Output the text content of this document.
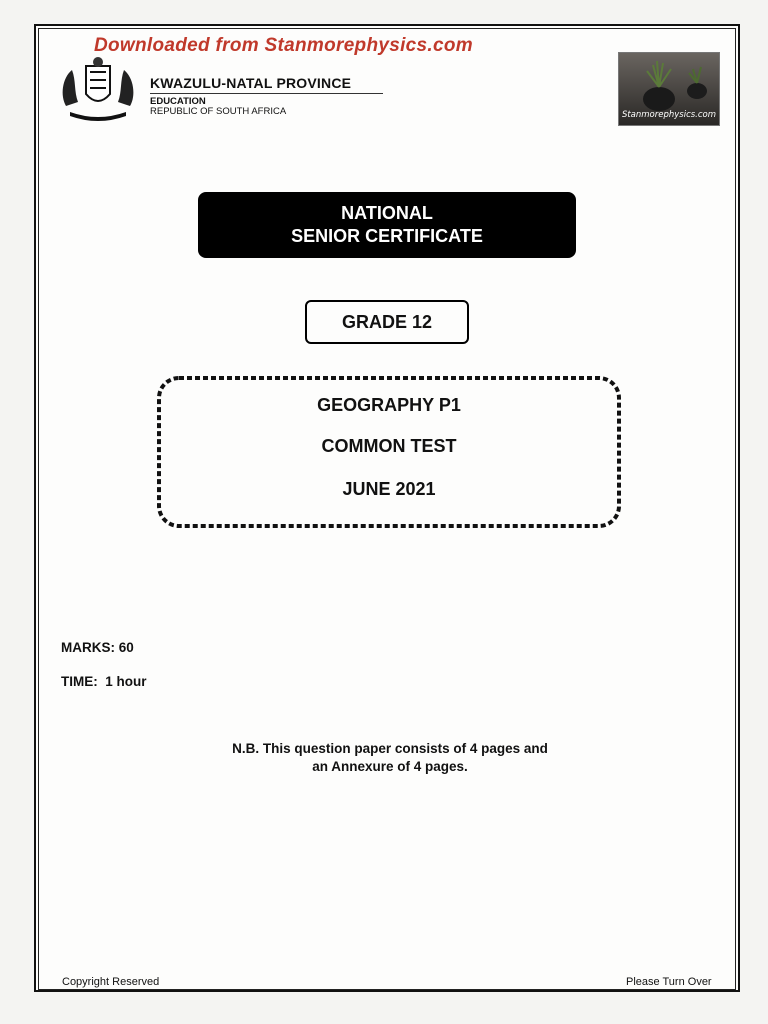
Downloaded from Stanmorephysics.com
KWAZULU-NATAL PROVINCE
EDUCATION
REPUBLIC OF SOUTH AFRICA	Stanmorephysics.com
NATIONAL
SENIOR CERTIFICATE
GRADE 12
GEOGRAPHY P1
COMMON TEST
JUNE 2021
MARKS: 60
TIME:  1 hour
N.B. This question paper consists of 4 pages and
an Annexure of 4 pages.
Copyright Reserved	Please Turn Over
